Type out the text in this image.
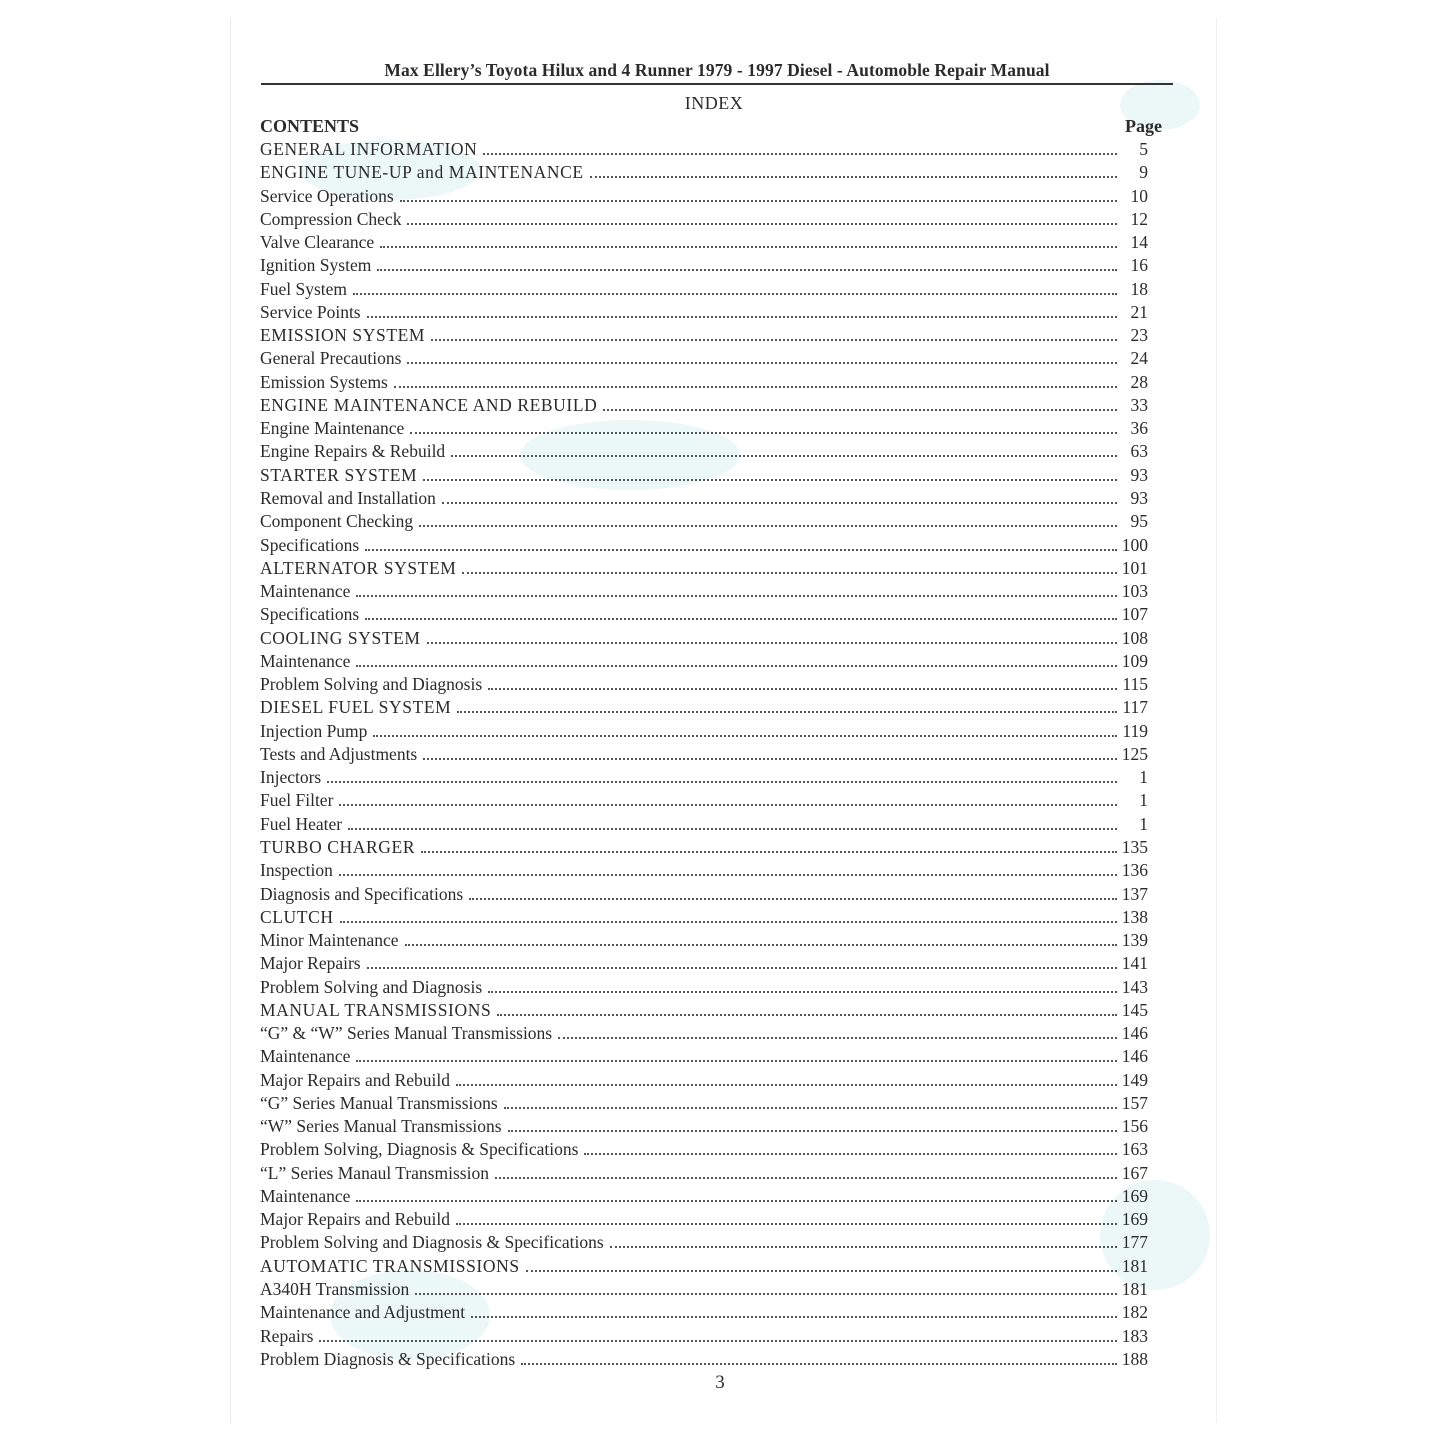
Max Ellery’s Toyota Hilux and 4 Runner 1979 - 1997 Diesel - Automoble Repair Manual
INDEX
CONTENTS	Page
GENERAL INFORMATION	5
ENGINE TUNE-UP and MAINTENANCE	9
Service Operations	10
Compression Check	12
Valve Clearance	14
Ignition System	16
Fuel System	18
Service Points	21
EMISSION SYSTEM	23
General Precautions	24
Emission Systems	28
ENGINE MAINTENANCE AND REBUILD	33
Engine Maintenance	36
Engine Repairs & Rebuild	63
STARTER SYSTEM	93
Removal and Installation	93
Component Checking	95
Specifications	100
ALTERNATOR SYSTEM	101
Maintenance	103
Specifications	107
COOLING SYSTEM	108
Maintenance	109
Problem Solving and Diagnosis	115
DIESEL FUEL SYSTEM	117
Injection Pump	119
Tests and Adjustments	125
Injectors	1
Fuel Filter	1
Fuel Heater	1
TURBO CHARGER	135
Inspection	136
Diagnosis and Specifications	137
CLUTCH	138
Minor Maintenance	139
Major Repairs	141
Problem Solving and Diagnosis	143
MANUAL TRANSMISSIONS	145
“G” & “W” Series Manual Transmissions	146
Maintenance	146
Major Repairs and Rebuild	149
“G” Series Manual Transmissions	157
“W” Series Manual Transmissions	156
Problem Solving, Diagnosis & Specifications	163
“L” Series Manaul Transmission	167
Maintenance	169
Major Repairs and Rebuild	169
Problem Solving and Diagnosis & Specifications	177
AUTOMATIC TRANSMISSIONS	181
A340H Transmission	181
Maintenance and Adjustment	182
Repairs	183
Problem Diagnosis & Specifications	188
3
